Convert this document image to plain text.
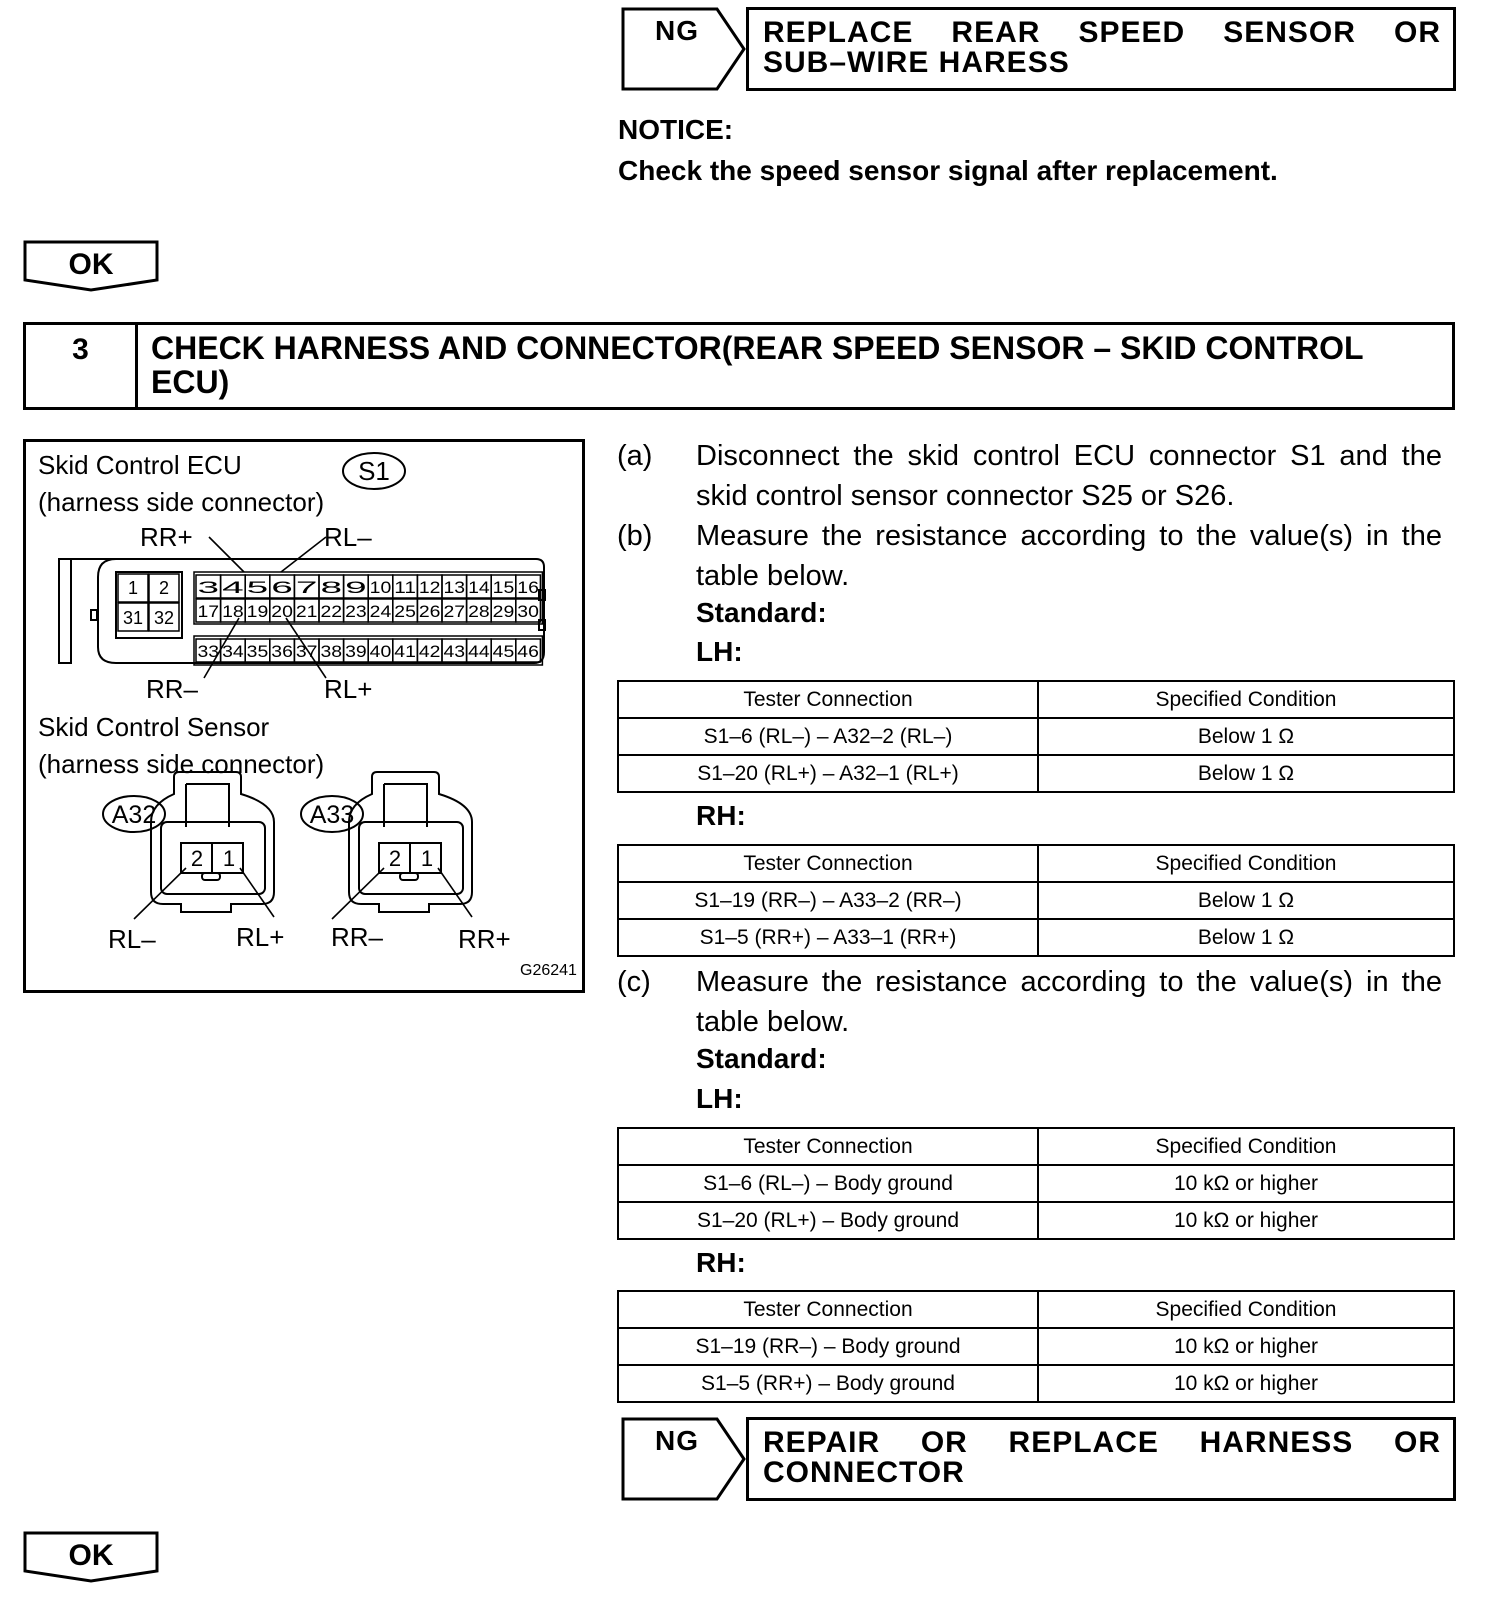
NG REPLACE REAR SPEED SENSOR OR
SUB–WIRE HARESS
NOTICE:
Check the speed sensor signal after replacement.
OK
3	CHECK HARNESS AND CONNECTOR(REAR SPEED SENSOR – SKID CONTROL ECU)
Skid Control ECU
(harness side connector)
S1
1 2
31 32
3 4 5 6 7 8 9 10 11 12 13 14 15 16
17 18 19 20 21 22 23 24 25 26 27 28 29 30
33 34 35 36 37 38 39 40 41 42 43 44 45 46
A32	A33
2 1	2 1
RR+	RL–
RR–	RL+
Skid Control Sensor
(harness side connector)
RL–	RL+ RR–	RR+
G26241
(a) Disconnect the skid control ECU connector S1 and the skid control sensor connector S25 or S26.
(b) Measure the resistance according to the value(s) in the table below.
Standard:
LH:
Tester Connection	Specified Condition
S1–6 (RL–) – A32–2 (RL–)	Below 1 Ω
S1–20 (RL+) – A32–1 (RL+)	Below 1 Ω
RH:
Tester Connection	Specified Condition
S1–19 (RR–) – A33–2 (RR–)	Below 1 Ω
S1–5 (RR+) – A33–1 (RR+)	Below 1 Ω
(c) Measure the resistance according to the value(s) in the table below.
Standard:
LH:
Tester Connection	Specified Condition
S1–6 (RL–) – Body ground	10 kΩ or higher
S1–20 (RL+) – Body ground	10 kΩ or higher
RH:
Tester Connection	Specified Condition
S1–19 (RR–) – Body ground	10 kΩ or higher
S1–5 (RR+) – Body ground	10 kΩ or higher
NG REPAIR OR REPLACE HARNESS OR
CONNECTOR
OK
